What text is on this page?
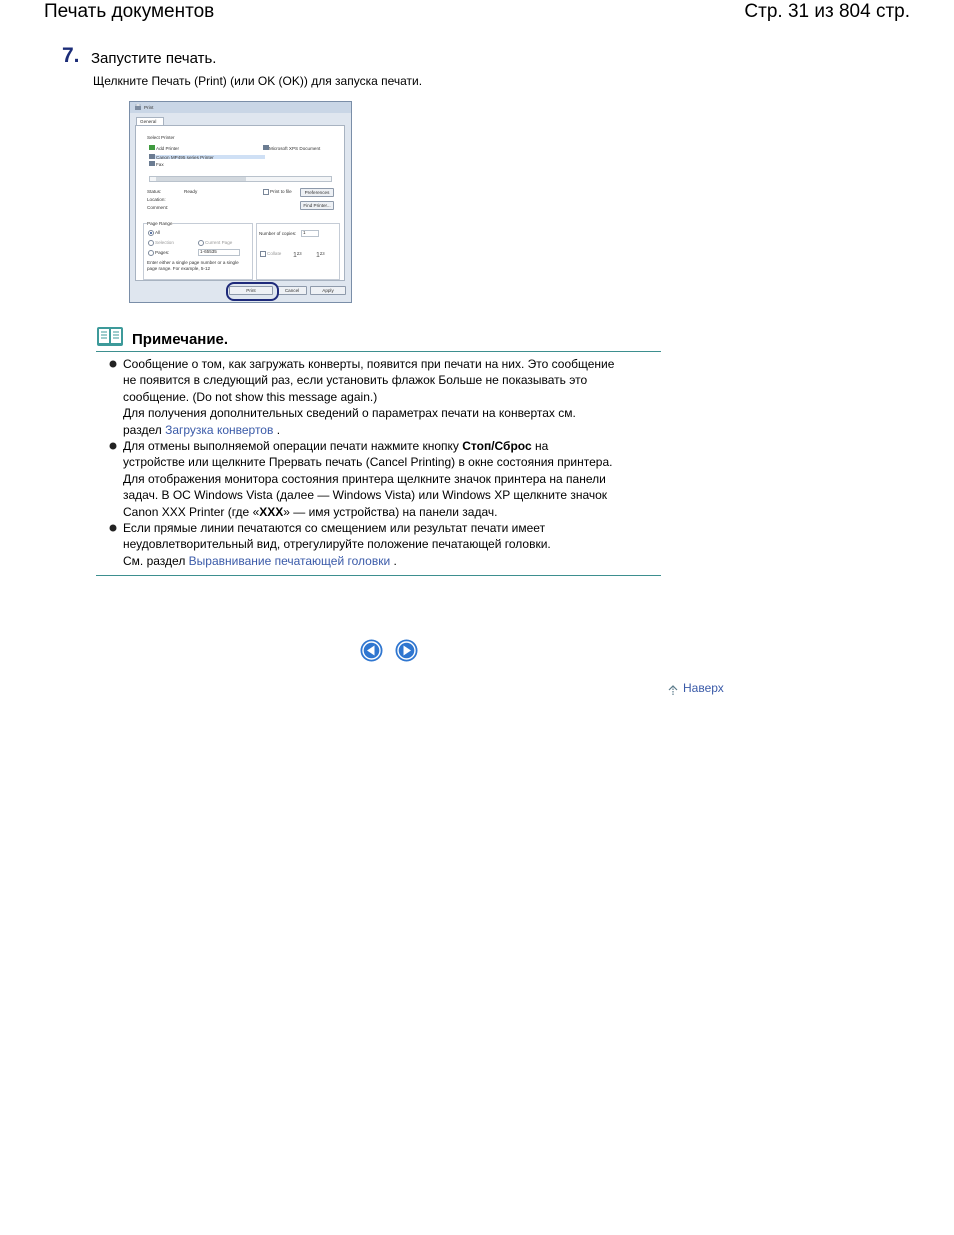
Печать документов	Стр. 31 из 804 стр.
7. Запустите печать.
Щелкните Печать (Print) (или OK (OK)) для запуска печати.
Print
General
Select Printer
Add Printer
Canon MP495 series Printer
Fax
Microsoft XPS Document
Status:	Ready
Location:
Comment:
Print to file	Preferences
Find Printer...
Page Range
All
Selection	Current Page
Pages:	1-65535
Enter either a single page number or a single
page range. For example, 5-12
Number of copies: 1
Collate 1²³ 1²³
Print	Cancel	Apply
Примечание.
Сообщение о том, как загружать конверты, появится при печати на них. Это сообщение
не появится в следующий раз, если установить флажок Больше не показывать это
сообщение. (Do not show this message again.)
Для получения дополнительных сведений о параметрах печати на конвертах см.
раздел Загрузка конвертов .
Для отмены выполняемой операции печати нажмите кнопку Стоп/Сброс на
устройстве или щелкните Прервать печать (Cancel Printing) в окне состояния принтера.
Для отображения монитора состояния принтера щелкните значок принтера на панели
задач. В ОС Windows Vista (далее — Windows Vista) или Windows XP щелкните значок
Canon XXX Printer (где «XXX» — имя устройства) на панели задач.
Если прямые линии печатаются со смещением или результат печати имеет
неудовлетворительный вид, отрегулируйте положение печатающей головки.
См. раздел Выравнивание печатающей головки .
Наверх
